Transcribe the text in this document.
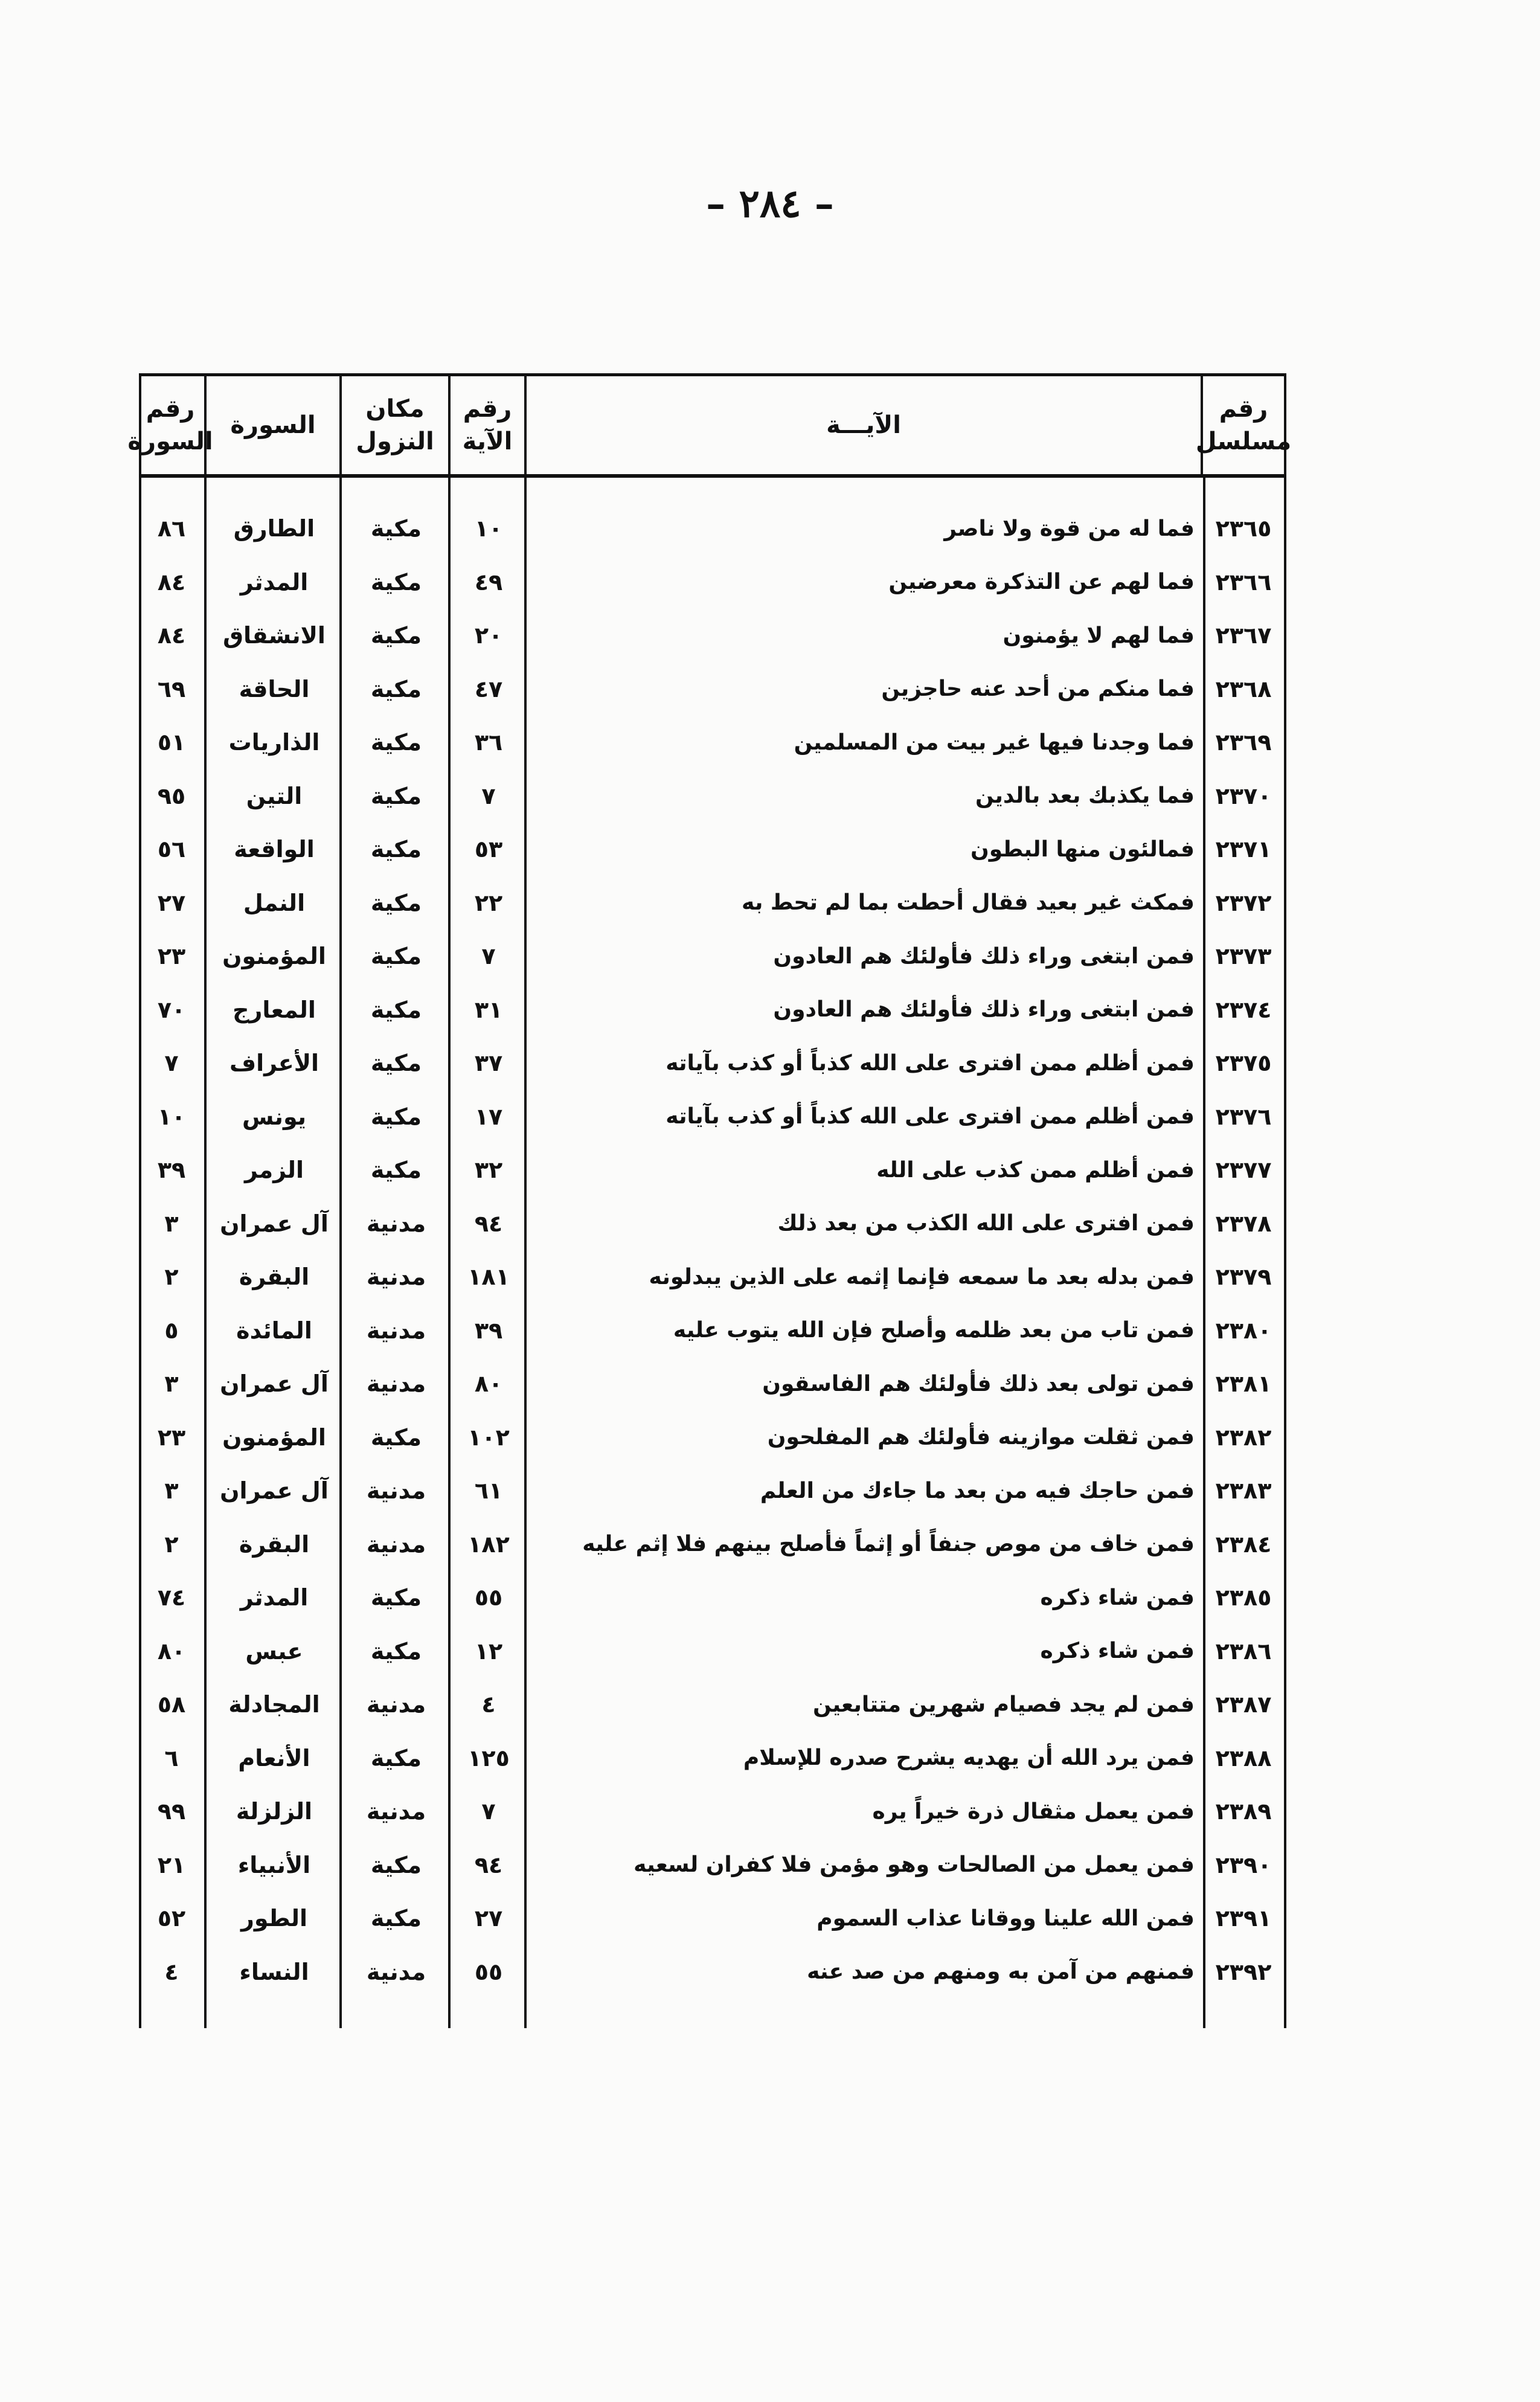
– ٢٨٤ –
رقم مسلسل
الآيـــة
رقم الآية
مكان النزول
السورة
رقم السورة
٢٣٦٥
فما له من قوة ولا ناصر
١٠
مكية
الطارق
٨٦
٢٣٦٦
فما لهم عن التذكرة معرضين
٤٩
مكية
المدثر
٨٤
٢٣٦٧
فما لهم لا يؤمنون
٢٠
مكية
الانشقاق
٨٤
٢٣٦٨
فما منكم من أحد عنه حاجزين
٤٧
مكية
الحاقة
٦٩
٢٣٦٩
فما وجدنا فيها غير بيت من المسلمين
٣٦
مكية
الذاريات
٥١
٢٣٧٠
فما يكذبك بعد بالدين
٧
مكية
التين
٩٥
٢٣٧١
فمالئون منها البطون
٥٣
مكية
الواقعة
٥٦
٢٣٧٢
فمكث غير بعيد فقال أحطت بما لم تحط به
٢٢
مكية
النمل
٢٧
٢٣٧٣
فمن ابتغى وراء ذلك فأولئك هم العادون
٧
مكية
المؤمنون
٢٣
٢٣٧٤
فمن ابتغى وراء ذلك فأولئك هم العادون
٣١
مكية
المعارج
٧٠
٢٣٧٥
فمن أظلم ممن افترى على الله كذباً أو كذب بآياته
٣٧
مكية
الأعراف
٧
٢٣٧٦
فمن أظلم ممن افترى على الله كذباً أو كذب بآياته
١٧
مكية
يونس
١٠
٢٣٧٧
فمن أظلم ممن كذب على الله
٣٢
مكية
الزمر
٣٩
٢٣٧٨
فمن افترى على الله الكذب من بعد ذلك
٩٤
مدنية
آل عمران
٣
٢٣٧٩
فمن بدله بعد ما سمعه فإنما إثمه على الذين يبدلونه
١٨١
مدنية
البقرة
٢
٢٣٨٠
فمن تاب من بعد ظلمه وأصلح فإن الله يتوب عليه
٣٩
مدنية
المائدة
٥
٢٣٨١
فمن تولى بعد ذلك فأولئك هم الفاسقون
٨٠
مدنية
آل عمران
٣
٢٣٨٢
فمن ثقلت موازينه فأولئك هم المفلحون
١٠٢
مكية
المؤمنون
٢٣
٢٣٨٣
فمن حاجك فيه من بعد ما جاءك من العلم
٦١
مدنية
آل عمران
٣
٢٣٨٤
فمن خاف من موص جنفاً أو إثماً فأصلح بينهم فلا إثم عليه
١٨٢
مدنية
البقرة
٢
٢٣٨٥
فمن شاء ذكره
٥٥
مكية
المدثر
٧٤
٢٣٨٦
فمن شاء ذكره
١٢
مكية
عبس
٨٠
٢٣٨٧
فمن لم يجد فصيام شهرين متتابعين
٤
مدنية
المجادلة
٥٨
٢٣٨٨
فمن يرد الله أن يهديه يشرح صدره للإسلام
١٢٥
مكية
الأنعام
٦
٢٣٨٩
فمن يعمل مثقال ذرة خيراً يره
٧
مدنية
الزلزلة
٩٩
٢٣٩٠
فمن يعمل من الصالحات وهو مؤمن فلا كفران لسعيه
٩٤
مكية
الأنبياء
٢١
٢٣٩١
فمن الله علينا ووقانا عذاب السموم
٢٧
مكية
الطور
٥٢
٢٣٩٢
فمنهم من آمن به ومنهم من صد عنه
٥٥
مدنية
النساء
٤
